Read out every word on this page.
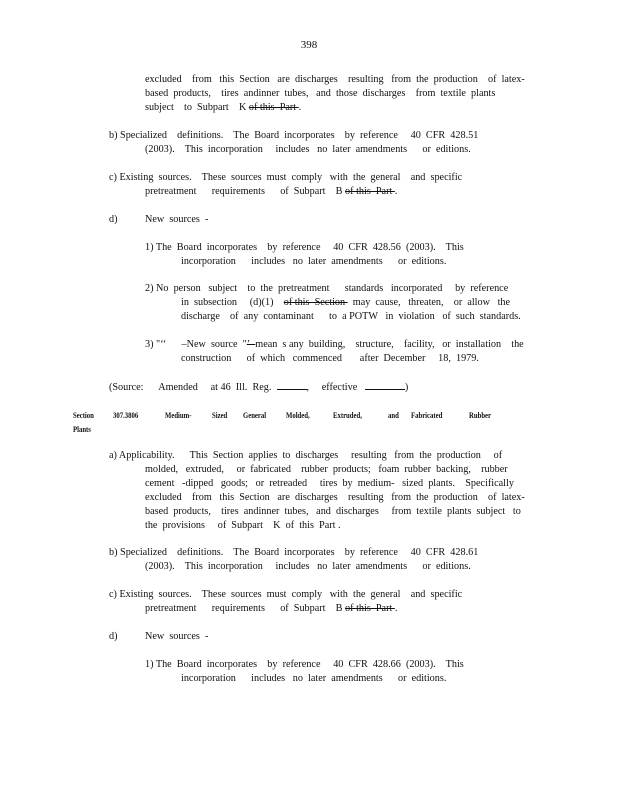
398
excluded    from   this  Section   are  discharges    resulting   from  the  production    of  latex-
based  products,    tires  andinner  tubes,   and  those  discharges    from  textile  plants
subject    to  Subpart    K of this  Part .
b) Specialized    definitions.    The  Board  incorporates    by  reference     40  CFR  428.51
(2003).    This  incorporation     includes   no  later  amendments      or  editions.
c) Existing  sources.    These  sources  must  comply   with  the  general    and  specific
pretreatment      requirements      of  Subpart    B of this  Part .
d)	New  sources  -
1) The  Board  incorporates    by  reference     40  CFR  428.56  (2003).    This
incorporation      includes   no  later  amendments      or  editions.
2) No  person   subject    to  the  pretreatment      standards   incorporated     by  reference
in  subsection     (d)(1)    of this  Section   may  cause,   threaten,    or  allow   the
discharge    of  any  contaminant      to  a POTW   in  violation   of  such  standards.
3) "‘‘      –New  source  "’–mean  s any  building,    structure,    facility,   or  installation    the
construction      of  which   commenced       after  December     18,  1979.
(Source:      Amended     at 46  Ill.  Reg.	,     effective	)
Section 307.3806	Medium-	Sized General Molded,	Extruded,	and Fabricated	Rubber
Plants
a) Applicability.      This  Section  applies  to  discharges     resulting   from  the  production     of
molded,   extruded,     or  fabricated    rubber  products;   foam  rubber  backing,    rubber
cement   -dipped   goods;   or  retreaded     tires  by  medium-   sized  plants.    Specifically
excluded    from   this  Section   are  discharges    resulting   from  the  production    of  latex-
based  products,    tires  andinner  tubes,   and  discharges     from  textile  plants  subject   to
the  provisions     of  Subpart    K  of  this  Part .
b) Specialized    definitions.    The  Board  incorporates    by  reference     40  CFR  428.61
(2003).    This  incorporation     includes   no  later  amendments      or  editions.
c) Existing  sources.    These  sources  must  comply   with  the  general    and  specific
pretreatment      requirements      of  Subpart    B of this  Part .
d)	New  sources  -
1) The  Board  incorporates    by  reference     40  CFR  428.66  (2003).    This
incorporation      includes   no  later  amendments      or  editions.
